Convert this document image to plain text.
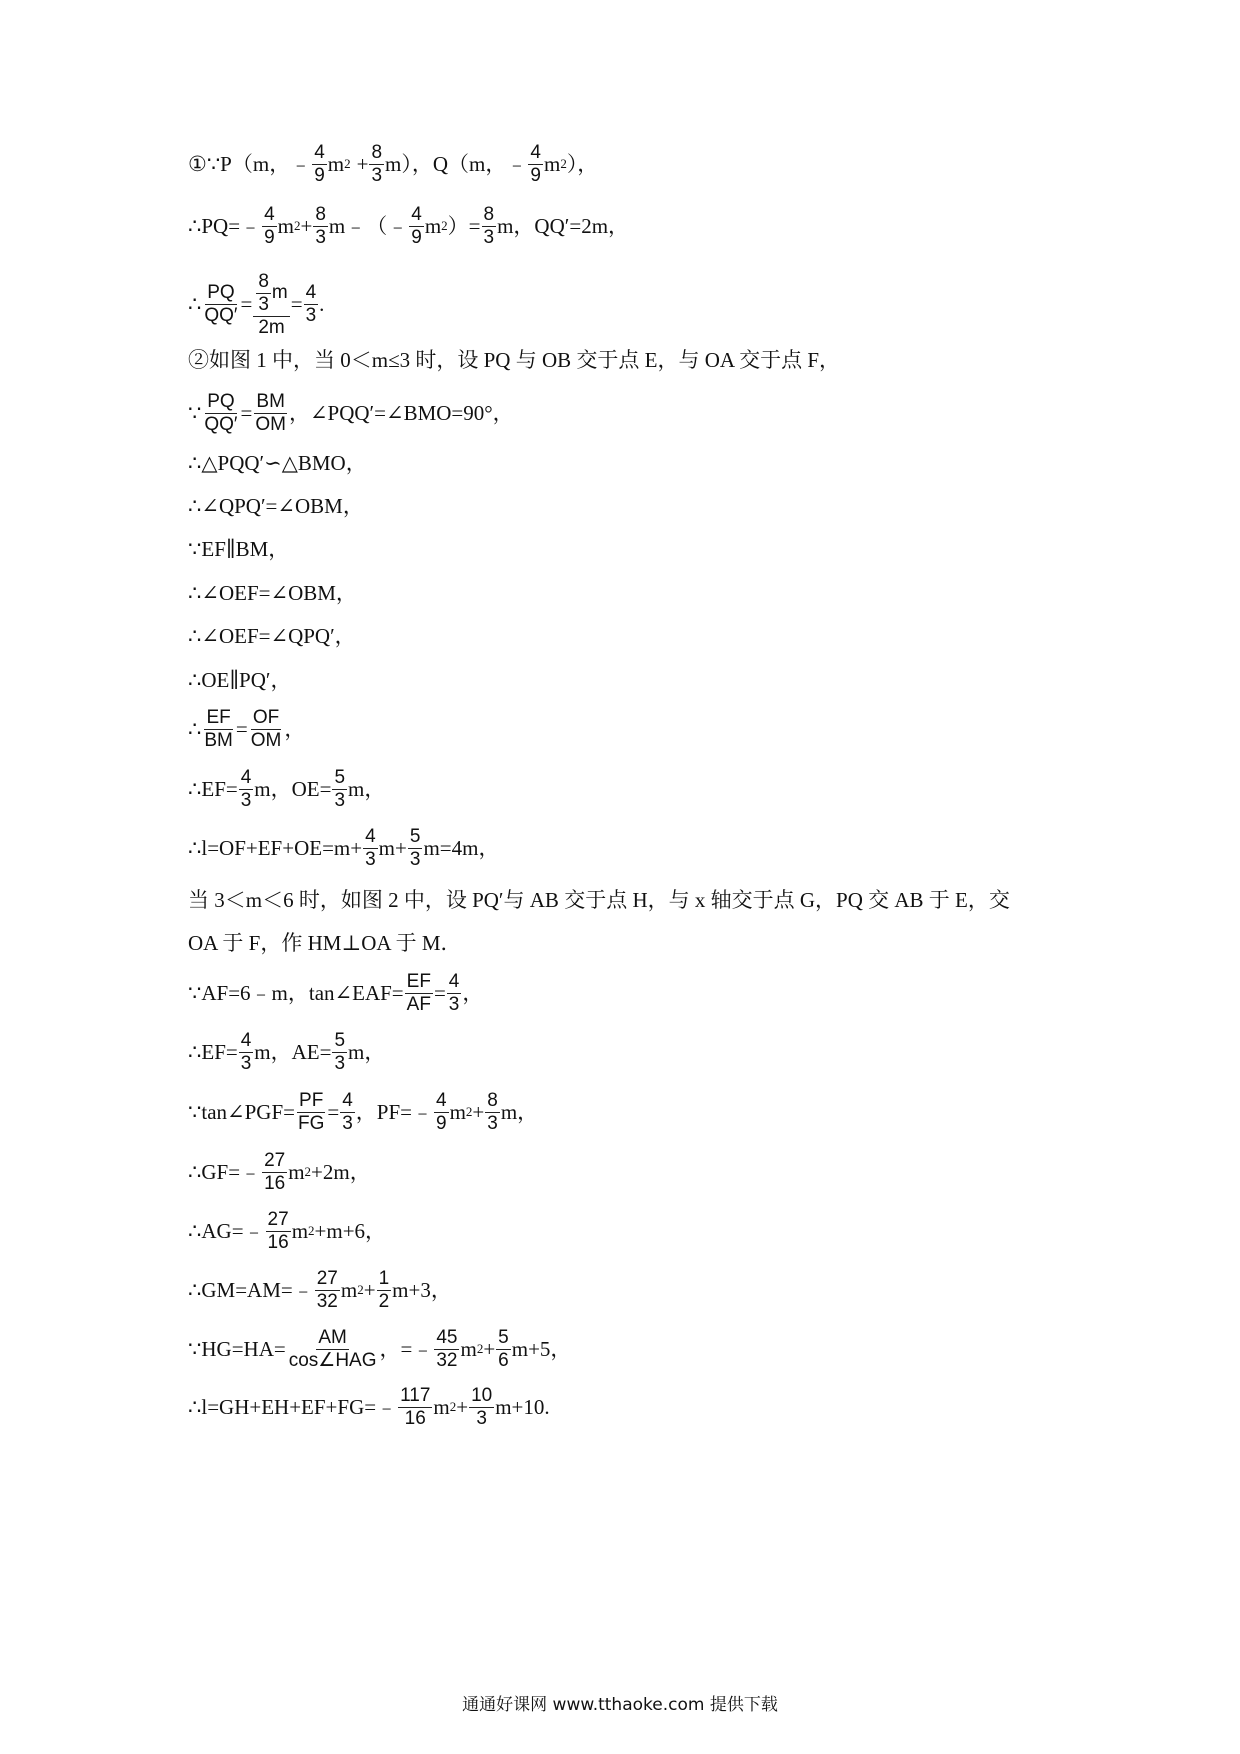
①∵P（m，﹣ $\frac{4}{9}$ m $2 + \frac{8}{3} m$），Q（m，﹣ $\frac{4}{9}$ m 2 ），
∴PQ=﹣ $\frac{4}{9}$ m $2 + \frac{8}{3}$ m﹣（﹣ $\frac{4}{9}$ m 2 ）= $\frac{8}{3}$ m，QQ′=2m，
∴ $\frac{PQ}{QQ'} = \frac{\frac{8}{3} m}{2m} = \frac{4}{3}$ .
②如图 1 中，当 0＜m≤3 时，设 PQ 与 OB 交于点 E，与 OA 交于点 F，
∵ $\frac{PQ}{QQ'} = \frac{BM}{OM}$ ，∠PQQ′=∠BMO=90°，
∴△PQQ′∽△BMO，
∴∠QPQ′=∠OBM，
∵EF∥BM，
∴∠OEF=∠OBM，
∴∠OEF=∠QPQ′，
∴OE∥PQ′，
∴ $\frac{EF}{BM} = \frac{OF}{OM}$ ，
∴EF= $\frac{4}{3}$ m，$OE= \frac{5}{3}$ m，
∴l=OF+EF+OE=m+ $\frac{4}{3} m+ \frac{5}{3} m=4m$，
当 3＜m＜6 时，如图 2 中，设 PQ′与 AB 交于点 H，与 x 轴交于点 G，PQ 交 AB 于 E，交
OA 于 F，作 HM⊥OA 于 M．
∵AF=6﹣m，tan∠EAF= $\frac{EF}{AF} = \frac{4}{3}$ ，
∴EF= $\frac{4}{3}$ m，$AE= \frac{5}{3}$ m，
∵tan∠PGF= $\frac{PF}{FG} = \frac{4}{3}$ ，PF=﹣ $\frac{4}{9}$ m $2 + \frac{8}{3}$ m，
∴GF=﹣ $\frac{27}{16}$ m 2 +2m，
∴AG=﹣ $\frac{27}{16}$ m 2 +m+6，
∴GM=AM=﹣ $\frac{27}{32}$ m $2 + \frac{1}{2} m+3$，
∵HG=HA= $\frac{AM}{\text{cos∠HAG}}$ ，=﹣ $\frac{45}{32}$ m $2 + \frac{5}{6} m+5$，
∴l=GH+EH+EF+FG=﹣ $\frac{117}{16}$ m $2 + \frac{10}{3} m+10$.
通通好课网 www.tthaoke.com 提供下载
